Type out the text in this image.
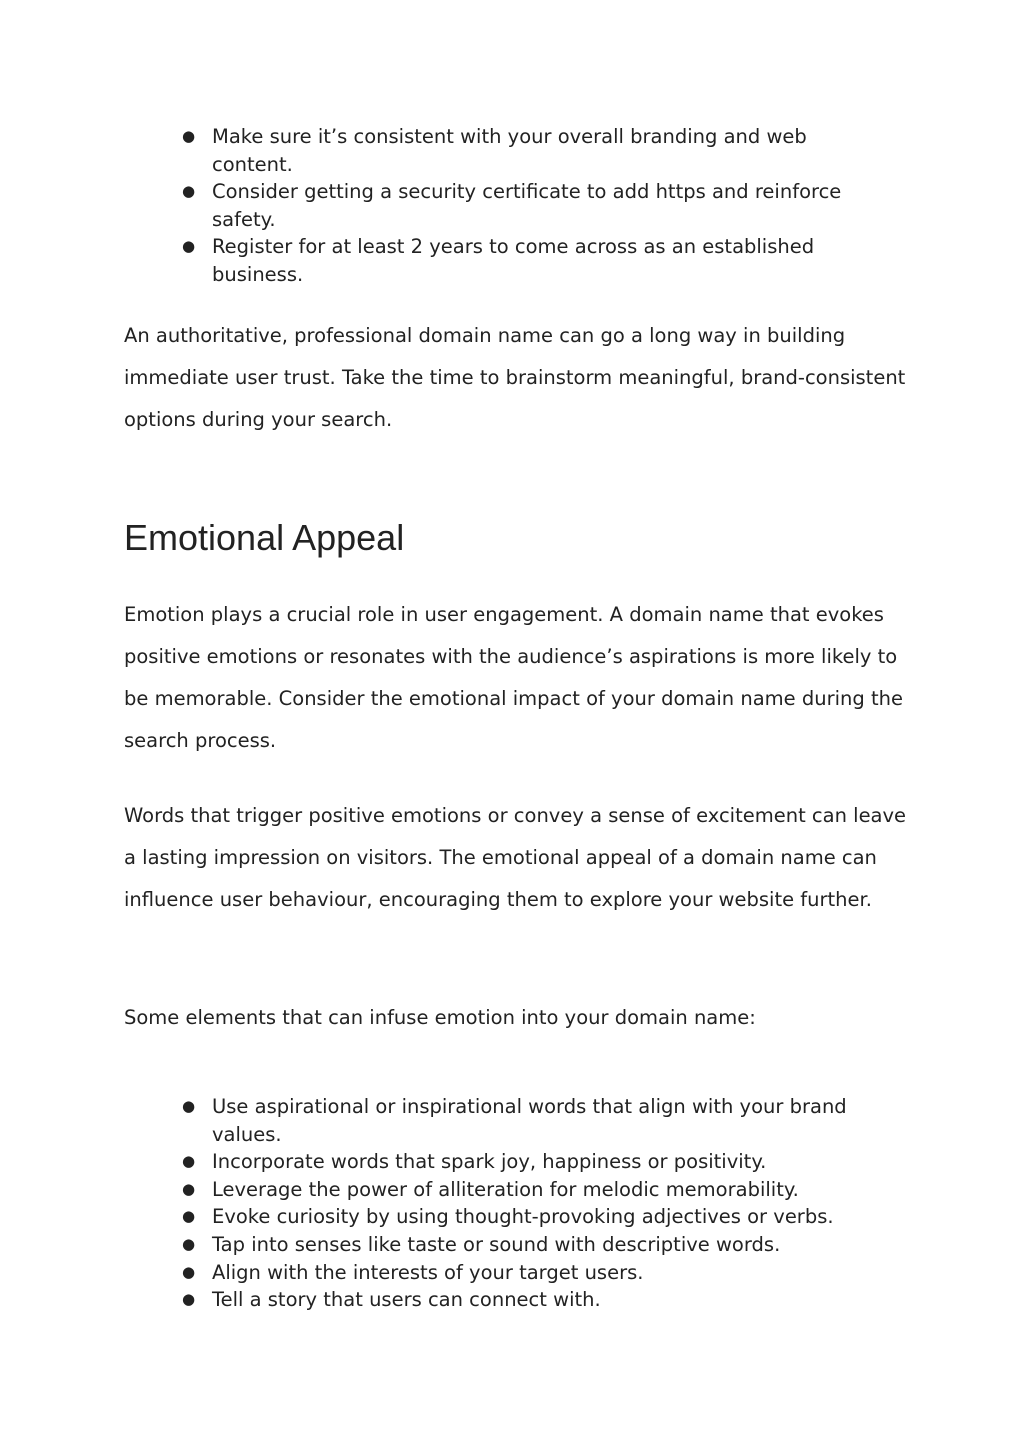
● Make sure it’s consistent with your overall branding and web content.
● Consider getting a security certificate to add https and reinforce safety.
● Register for at least 2 years to come across as an established business.

An authoritative, professional domain name can go a long way in building immediate user trust. Take the time to brainstorm meaningful, brand-consistent options during your search.

Emotional Appeal

Emotion plays a crucial role in user engagement. A domain name that evokes positive emotions or resonates with the audience’s aspirations is more likely to be memorable. Consider the emotional impact of your domain name during the search process.

Words that trigger positive emotions or convey a sense of excitement can leave a lasting impression on visitors. The emotional appeal of a domain name can influence user behaviour, encouraging them to explore your website further.

Some elements that can infuse emotion into your domain name:

● Use aspirational or inspirational words that align with your brand values.
● Incorporate words that spark joy, happiness or positivity.
● Leverage the power of alliteration for melodic memorability.
● Evoke curiosity by using thought-provoking adjectives or verbs.
● Tap into senses like taste or sound with descriptive words.
● Align with the interests of your target users.
● Tell a story that users can connect with.
